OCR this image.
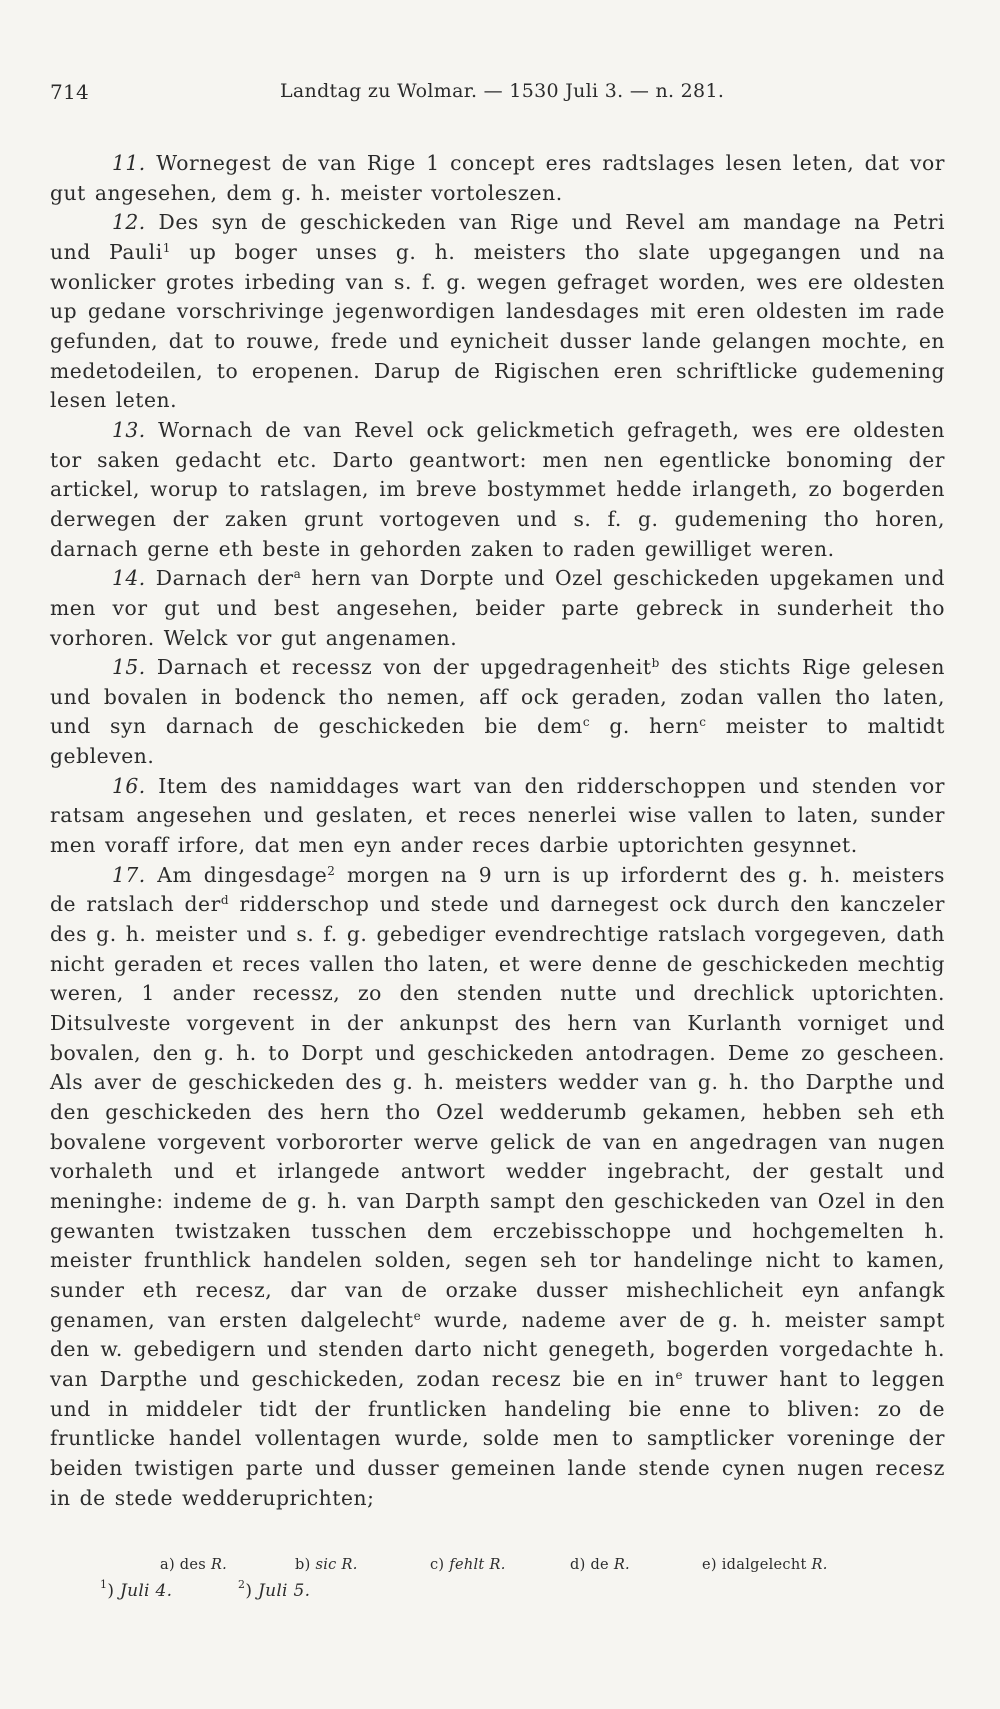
714	Landtag zu Wolmar. — 1530 Juli 3. — n. 281.

11. Wornegest de van Rige 1 concept eres radtslages lesen leten, dat vor gut angesehen, dem g. h. meister vortoleszen.

12. Des syn de geschickeden van Rige und Revel am mandage na Petri und Pauli$^1$ up boger unses g. h. meisters tho slate upgegangen und na wonlicker grotes irbeding van s. f. g. wegen gefraget worden, wes ere oldesten up gedane vorschrivinge jegenwordigen landesdages mit eren oldesten im rade gefunden, dat to rouwe, frede und eynicheit dusser lande gelangen mochte, en medetodeilen, to eropenen. Darup de Rigischen eren schriftlicke gudemening lesen leten.

13. Wornach de van Revel ock gelickmetich gefrageth, wes ere oldesten tor saken gedacht etc. Darto geantwort: men nen egentlicke bonoming der artickel, worup to ratslagen, im breve bostymmet hedde irlangeth, zo bogerden derwegen der zaken grunt vortogeven und s. f. g. gudemening tho horen, darnach gerne eth beste in gehorden zaken to raden gewilliget weren.

14. Darnach der$^a$ hern van Dorpte und Ozel geschickeden upgekamen und men vor gut und best angesehen, beider parte gebreck in sunderheit tho vorhoren. Welck vor gut angenamen.

15. Darnach et recessz von der upgedragenheit$^b$ des stichts Rige gelesen und bovalen in bodenck tho nemen, aff ock geraden, zodan vallen tho laten, und syn darnach de geschickeden bie dem$^c$ g. hern$^c$ meister to maltidt gebleven.

16. Item des namiddages wart van den ridderschoppen und stenden vor ratsam angesehen und geslaten, et reces nenerlei wise vallen to laten, sunder men voraff irfore, dat men eyn ander reces darbie uptorichten gesynnet.

17. Am dingesdage$^2$ morgen na 9 urn is up irfordernt des g. h. meisters de ratslach der$^d$ ridderschop und stede und darnegest ock durch den kanczeler des g. h. meister und s. f. g. gebediger evendrechtige ratslach vorgegeven, dath nicht geraden et reces vallen tho laten, et were denne de geschickeden mechtig weren, 1 ander recessz, zo den stenden nutte und drechlick uptorichten. Ditsulveste vorgevent in der ankunpst des hern van Kurlanth vorniget und bovalen, den g. h. to Dorpt und geschickeden antodragen. Deme zo gescheen. Als aver de geschickeden des g. h. meisters wedder van g. h. tho Darpthe und den geschickeden des hern tho Ozel wedderumb gekamen, hebben seh eth bovalene vorgevent vorbororter werve gelick de van en angedragen van nugen vorhaleth und et irlangede antwort wedder ingebracht, der gestalt und meninghe: indeme de g. h. van Darpth sampt den geschickeden van Ozel in den gewanten twistzaken tusschen dem erczebisschoppe und hochgemelten h. meister frunthlick handelen solden, segen seh tor handelinge nicht to kamen, sunder eth recesz, dar van de orzake dusser mishechlicheit eyn anfangk genamen, van ersten dalgelecht$^e$ wurde, nademe aver de g. h. meister sampt den w. gebedigern und stenden darto nicht genegeth, bogerden vorgedachte h. van Darpthe und geschickeden, zodan recesz bie en $in^e$ truwer hant to leggen und in middeler tidt der fruntlicken handeling bie enne to bliven: zo de fruntlicke handel vollentagen wurde, solde men to samptlicker voreninge der beiden twistigen parte und dusser gemeinen lande stende cynen nugen recesz in de stede wedderuprichten;

a) des R.	b) sic R.	c) fehlt R.	d) de R.	e) idalgelecht R.
$^1$) Juli 4.	$^2$) Juli 5.
